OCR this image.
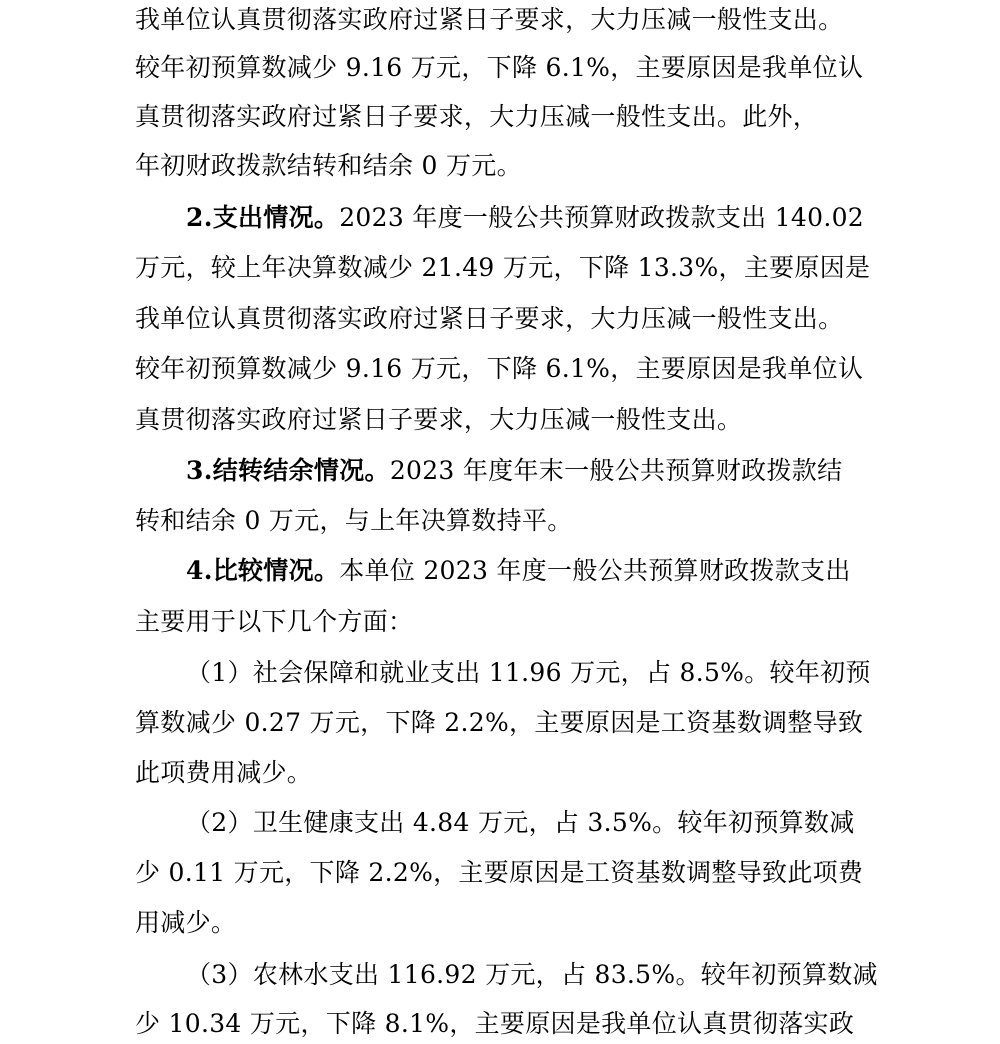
我单位认真贯彻落实政府过紧日子要求，大力压减一般性支出。
较年初预算数减少 9.16 万元，下降 6.1%，主要原因是我单位认
真贯彻落实政府过紧日子要求，大力压减一般性支出。此外，
年初财政拨款结转和结余 0 万元。
2.支出情况。2023 年度一般公共预算财政拨款支出 140.02
万元，较上年决算数减少 21.49 万元，下降 13.3%，主要原因是
我单位认真贯彻落实政府过紧日子要求，大力压减一般性支出。
较年初预算数减少 9.16 万元，下降 6.1%，主要原因是我单位认
真贯彻落实政府过紧日子要求，大力压减一般性支出。
3.结转结余情况。2023 年度年末一般公共预算财政拨款结
转和结余 0 万元，与上年决算数持平。
4.比较情况。本单位 2023 年度一般公共预算财政拨款支出
主要用于以下几个方面：
（1）社会保障和就业支出 11.96 万元，占 8.5%。较年初预
算数减少 0.27 万元，下降 2.2%，主要原因是工资基数调整导致
此项费用减少。
（2）卫生健康支出 4.84 万元，占 3.5%。较年初预算数减
少 0.11 万元，下降 2.2%，主要原因是工资基数调整导致此项费
用减少。
（3）农林水支出 116.92 万元，占 83.5%。较年初预算数减
少 10.34 万元，下降 8.1%，主要原因是我单位认真贯彻落实政
